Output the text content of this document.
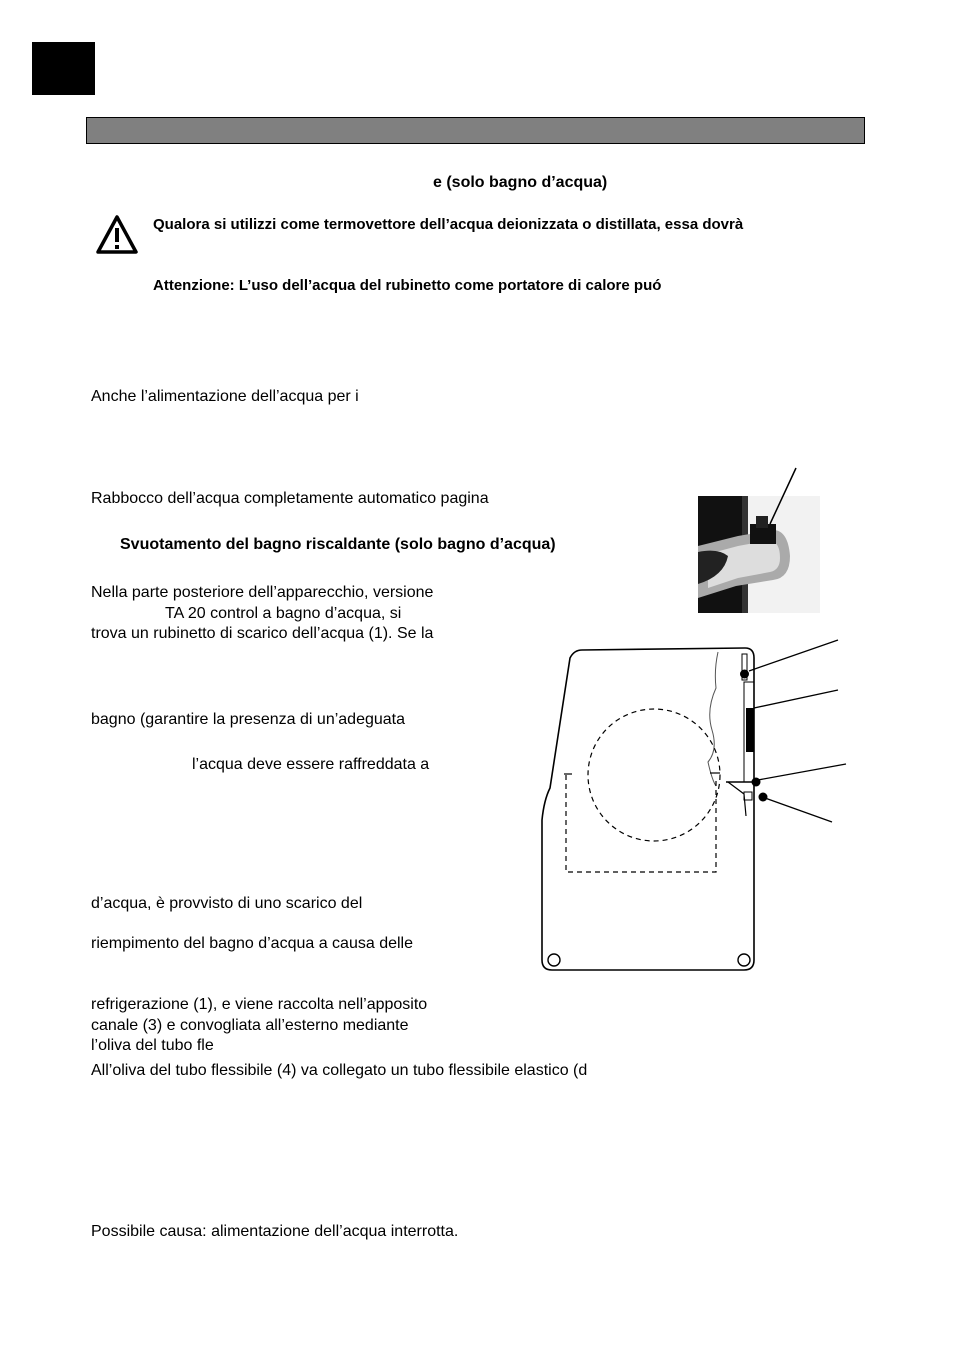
e (solo bagno d’acqua)
Qualora si utilizzi come termovettore dell’acqua deionizzata o distillata, essa dovrà
Attenzione: L’uso dell’acqua del rubinetto come portatore di calore puó
Anche l’alimentazione dell’acqua per i
Rabbocco dell’acqua completamente automatico pagina
Svuotamento del bagno riscaldante (solo bagno d’acqua)
Nella parte posteriore dell’apparecchio, versione
TA 20 control a bagno d’acqua, si
trova un rubinetto di scarico dell’acqua (1). Se la
bagno (garantire la presenza di un’adeguata
l’acqua deve essere raffreddata a
d’acqua, è provvisto di uno scarico del
riempimento del bagno d’acqua a causa delle
refrigerazione (1), e viene raccolta nell’apposito
canale (3) e convogliata all’esterno mediante
l’oliva del tubo fle
All’oliva del tubo flessibile (4) va collegato un tubo flessibile elastico (d
Possibile causa: alimentazione dell’acqua interrotta.
